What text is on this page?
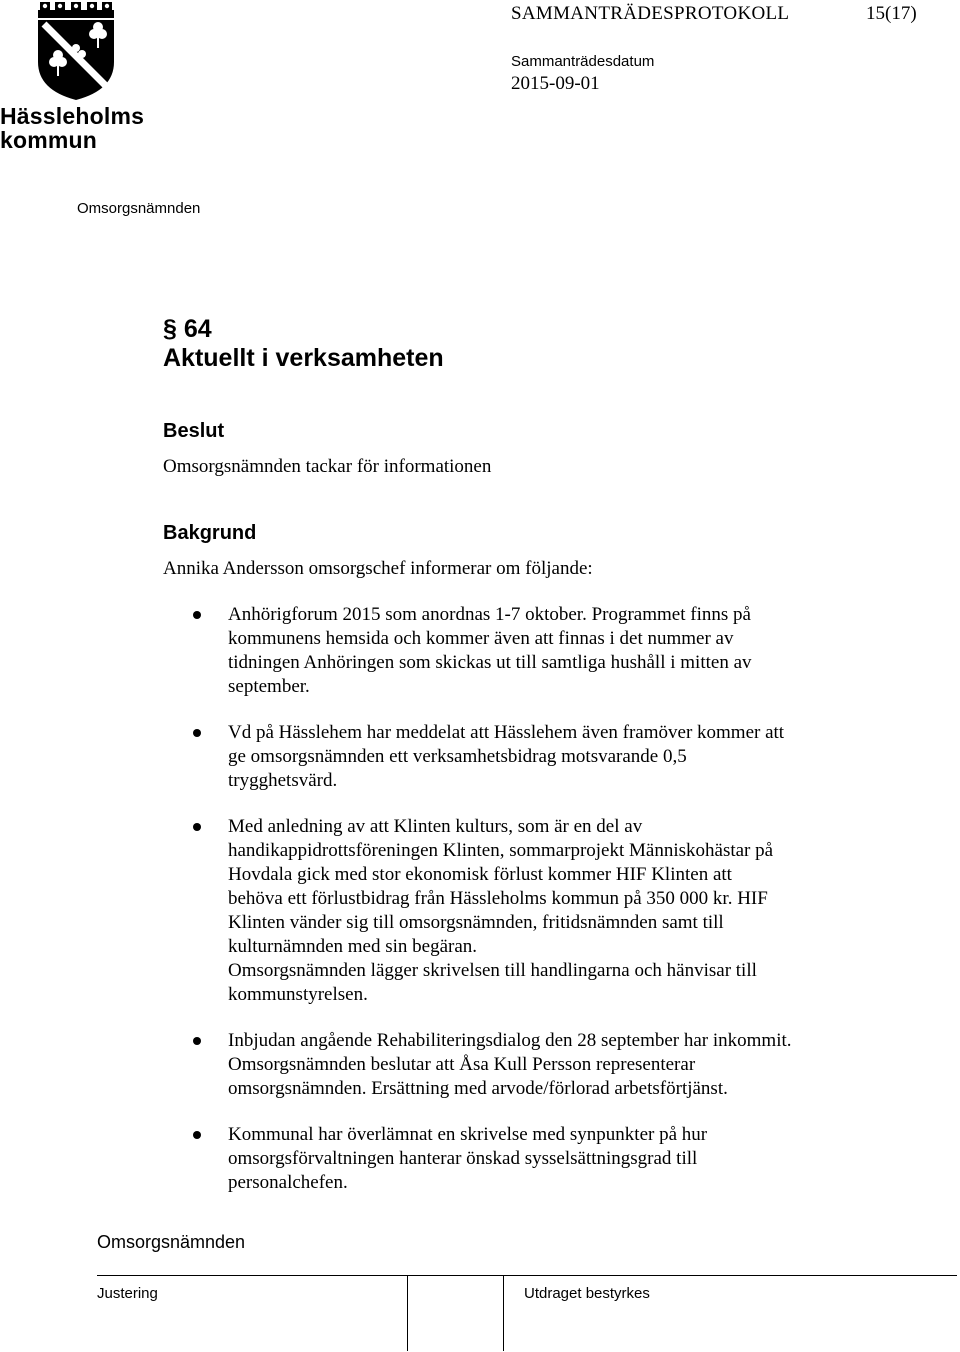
Hässleholms
kommun
SAMMANTRÄDESPROTOKOLL	15(17)
Sammanträdesdatum
2015-09-01
Omsorgsnämnden
§ 64
Aktuellt i verksamheten
Beslut
Omsorgsnämnden tackar för informationen
Bakgrund
Annika Andersson omsorgschef informerar om följande:
Anhörigforum 2015 som anordnas 1-7 oktober. Programmet finns på
kommunens hemsida och kommer även att finnas i det nummer av
tidningen Anhöringen som skickas ut till samtliga hushåll i mitten av
september.
Vd på Hässlehem har meddelat att Hässlehem även framöver kommer att
ge omsorgsnämnden ett verksamhetsbidrag motsvarande 0,5
trygghetsvärd.
Med anledning av att Klinten kulturs, som är en del av
handikappidrottsföreningen Klinten, sommarprojekt Människohästar på
Hovdala gick med stor ekonomisk förlust kommer HIF Klinten att
behöva ett förlustbidrag från Hässleholms kommun på 350 000 kr. HIF
Klinten vänder sig till omsorgsnämnden, fritidsnämnden samt till
kulturnämnden med sin begäran.
Omsorgsnämnden lägger skrivelsen till handlingarna och hänvisar till
kommunstyrelsen.
Inbjudan angående Rehabiliteringsdialog den 28 september har inkommit.
Omsorgsnämnden beslutar att Åsa Kull Persson representerar
omsorgsnämnden. Ersättning med arvode/förlorad arbetsförtjänst.
Kommunal har överlämnat en skrivelse med synpunkter på hur
omsorgsförvaltningen hanterar önskad sysselsättningsgrad till
personalchefen.
Omsorgsnämnden
Justering	Utdraget bestyrkes
